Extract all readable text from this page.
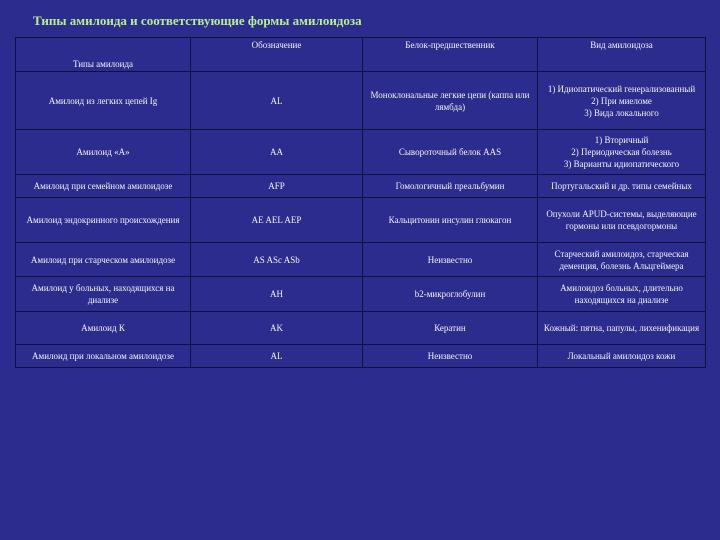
Типы амилоида и соответствующие формы амилоидоза
Типы амилоида	Обозначение	Белок-предшественник	Вид амилоидоза
Амилоид из легких цепей Ig	AL	Моноклональные легкие цепи (каппа или лямбда)	1) Идиопатический генерализованный
2) При миеломе
3) Вида локального
Амилоид «А»	AA	Сывороточный белок AAS	1) Вторичный
2) Периодическая болезнь
3) Варианты идиопатического
Амилоид при семейном амилоидозе	AFP	Гомологичный преальбумин	Португальский и др. типы семейных
Амилоид эндокринного происхождения	AE AEL AEP	Кальцитонин инсулин глюкагон	Опухоли APUD-системы, выделяющие гормоны или псевдогормоны
Амилоид при старческом амилоидозе	AS ASc ASb	Неизвестно	Старческий амилоидоз, старческая деменция, болезнь Альцгеймера
Амилоид у больных, находящихся на диализе	AH	b2-микроглобулин	Амилоидоз больных, длительно находящихся на диализе
Амилоид К	AK	Кератин	Кожный: пятна, папулы, лихенификация
Амилоид при локальном амилоидозе	AL	Неизвестно	Локальный амилоидоз кожи
